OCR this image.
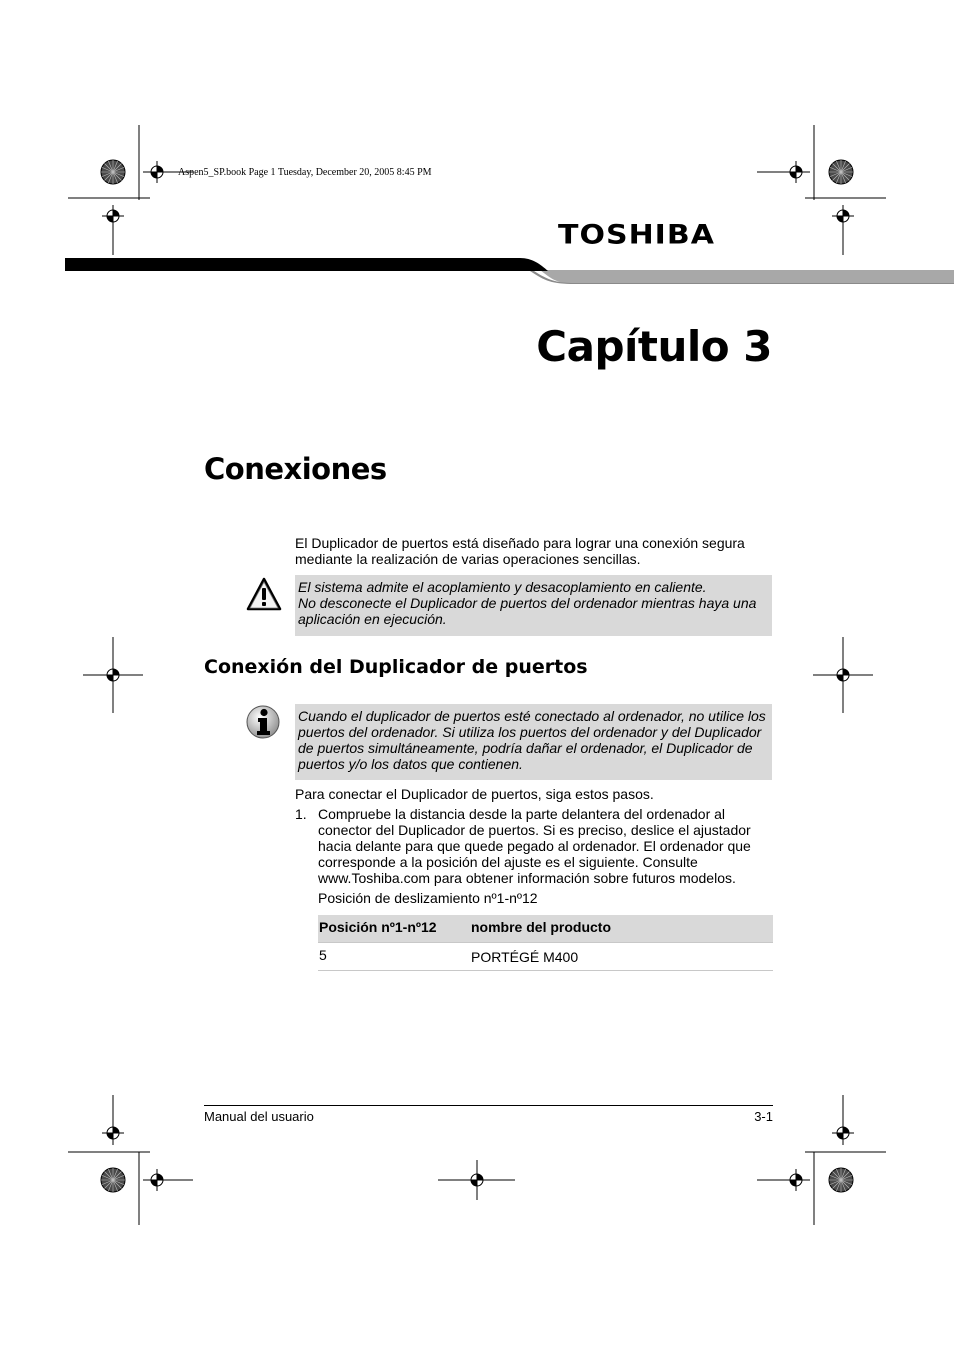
Aspen5_SP.book Page 1 Tuesday, December 20, 2005 8:45 PM
TOSHIBA
Capítulo 3
Conexiones
El Duplicador de puertos está diseñado para lograr una conexión segura mediante la realización de varias operaciones sencillas.
El sistema admite el acoplamiento y desacoplamiento en caliente.
No desconecte el Duplicador de puertos del ordenador mientras haya una aplicación en ejecución.
Conexión del Duplicador de puertos
Cuando el duplicador de puertos esté conectado al ordenador, no utilice los puertos del ordenador. Si utiliza los puertos del ordenador y del Duplicador de puertos simultáneamente, podría dañar el ordenador, el Duplicador de puertos y/o los datos que contienen.
Para conectar el Duplicador de puertos, siga estos pasos.
1. Compruebe la distancia desde la parte delantera del ordenador al conector del Duplicador de puertos. Si es preciso, deslice el ajustador hacia delante para que quede pegado al ordenador. El ordenador que corresponde a la posición del ajuste es el siguiente. Consulte www.Toshiba.com para obtener información sobre futuros modelos.
Posición de deslizamiento nº1-nº12
Posición nº1-nº12 nombre del producto
5	PORTÉGÉ M400
Manual del usuario	3-1
